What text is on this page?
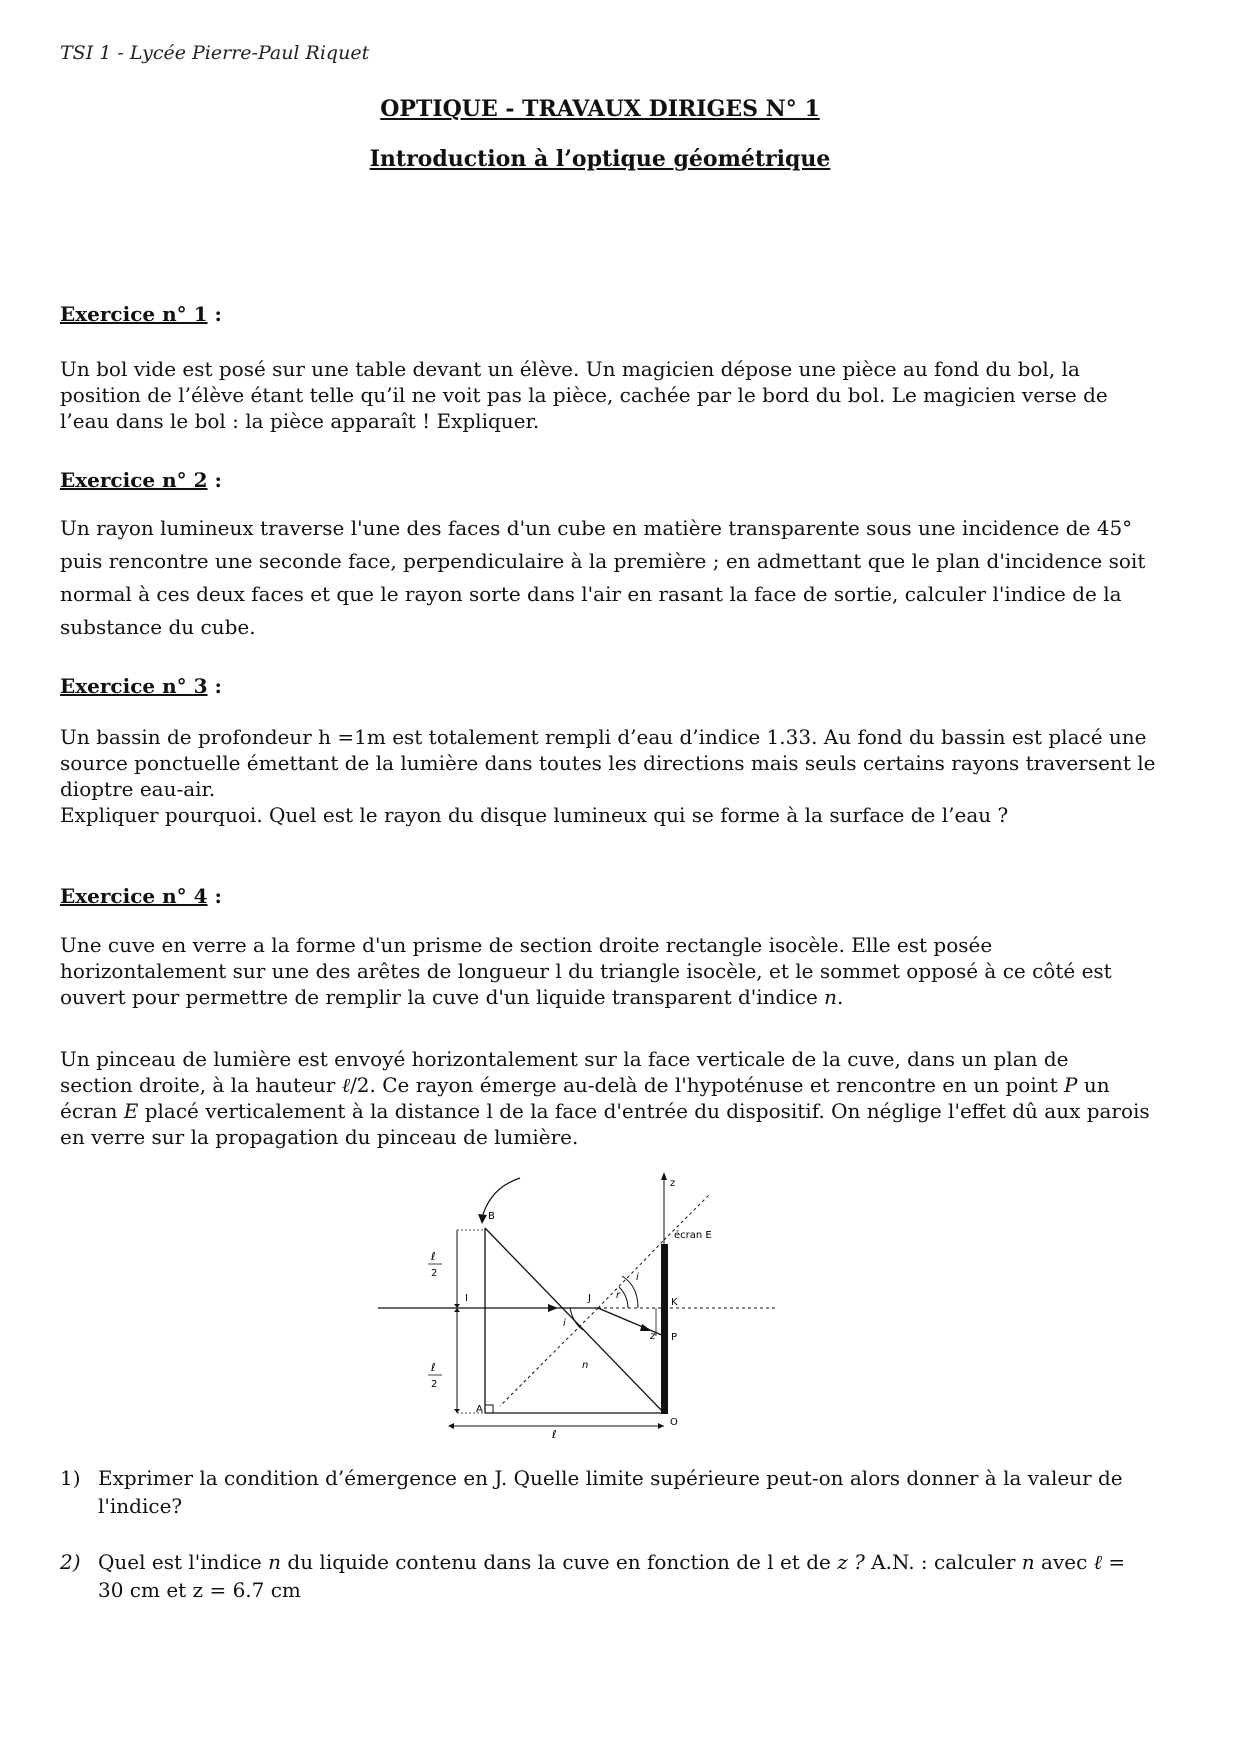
TSI 1 - Lycée Pierre-Paul Riquet
OPTIQUE - TRAVAUX DIRIGES N° 1
Introduction à l’optique géométrique
Exercice n° 1 :
Un bol vide est posé sur une table devant un élève. Un magicien dépose une pièce au fond du bol, la
position de l’élève étant telle qu’il ne voit pas la pièce, cachée par le bord du bol. Le magicien verse de
l’eau dans le bol : la pièce apparaît ! Expliquer.
Exercice n° 2 :
Un rayon lumineux traverse l'une des faces d'un cube en matière transparente sous une incidence de 45°
puis rencontre une seconde face, perpendiculaire à la première ; en admettant que le plan d'incidence soit
normal à ces deux faces et que le rayon sorte dans l'air en rasant la face de sortie, calculer l'indice de la
substance du cube.
Exercice n° 3 :
Un bassin de profondeur h =1m est totalement rempli d’eau d’indice 1.33. Au fond du bassin est placé une
source ponctuelle émettant de la lumière dans toutes les directions mais seuls certains rayons traversent le
dioptre eau-air.
Expliquer pourquoi. Quel est le rayon du disque lumineux qui se forme à la surface de l’eau ?
Exercice n° 4 :
Une cuve en verre a la forme d'un prisme de section droite rectangle isocèle. Elle est posée
horizontalement sur une des arêtes de longueur l du triangle isocèle, et le sommet opposé à ce côté est
ouvert pour permettre de remplir la cuve d'un liquide transparent d'indice n.
Un pinceau de lumière est envoyé horizontalement sur la face verticale de la cuve, dans un plan de
section droite, à la hauteur ℓ/2. Ce rayon émerge au-delà de l'hypoténuse et rencontre en un point P un
écran E placé verticalement à la distance l de la face d'entrée du dispositif. On néglige l'effet dû aux parois
en verre sur la propagation du pinceau de lumière.
z
B
écran E
ℓ
2
I	J	r
i
K
i
z P
n
ℓ
2
A
O
ℓ
1) Exprimer la condition d’émergence en J. Quelle limite supérieure peut-on alors donner à la valeur de
l'indice?
2) Quel est l'indice n du liquide contenu dans la cuve en fonction de l et de z ? A.N. : calculer n avec ℓ =
30 cm et z = 6.7 cm
